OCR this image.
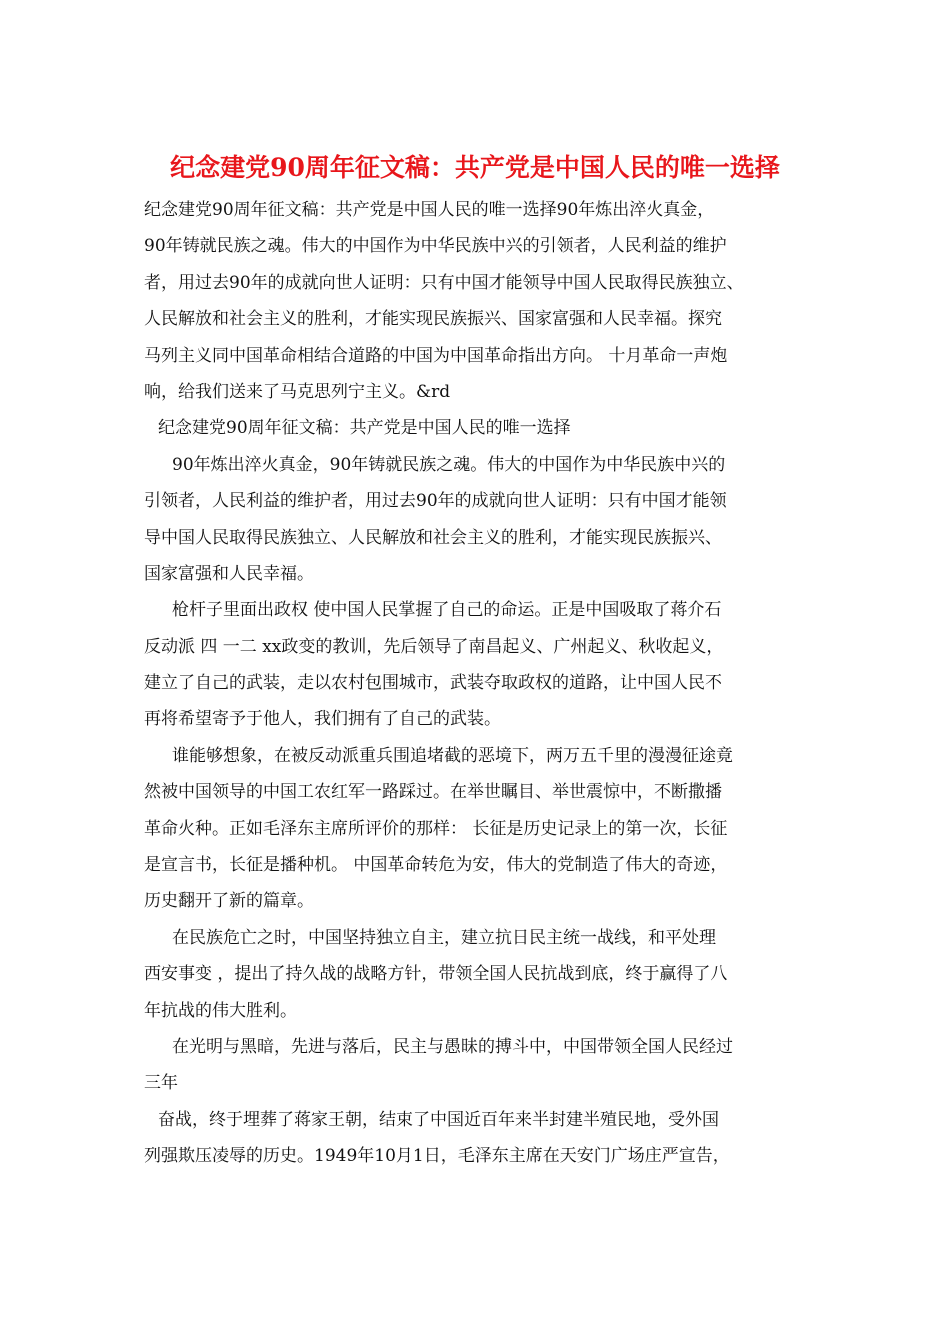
纪念建党90周年征文稿：共产党是中国人民的唯一选择
纪念建党90周年征文稿：共产党是中国人民的唯一选择90年炼出淬火真金，
90年铸就民族之魂。伟大的中国作为中华民族中兴的引领者，人民利益的维护
者，用过去90年的成就向世人证明：只有中国才能领导中国人民取得民族独立、
人民解放和社会主义的胜利，才能实现民族振兴、国家富强和人民幸福。探究
马列主义同中国革命相结合道路的中国为中国革命指出方向。 十月革命一声炮
响，给我们送来了马克思列宁主义。&rd
纪念建党90周年征文稿：共产党是中国人民的唯一选择
90年炼出淬火真金，90年铸就民族之魂。伟大的中国作为中华民族中兴的
引领者，人民利益的维护者，用过去90年的成就向世人证明：只有中国才能领
导中国人民取得民族独立、人民解放和社会主义的胜利，才能实现民族振兴、
国家富强和人民幸福。
枪杆子里面出政权 使中国人民掌握了自己的命运。正是中国吸取了蒋介石
反动派 四 一二 xx政变的教训，先后领导了南昌起义、广州起义、秋收起义，
建立了自己的武装，走以农村包围城市，武装夺取政权的道路，让中国人民不
再将希望寄予于他人，我们拥有了自己的武装。
谁能够想象，在被反动派重兵围追堵截的恶境下，两万五千里的漫漫征途竟
然被中国领导的中国工农红军一路踩过。在举世瞩目、举世震惊中，不断撒播
革命火种。正如毛泽东主席所评价的那样： 长征是历史记录上的第一次，长征
是宣言书，长征是播种机。 中国革命转危为安，伟大的党制造了伟大的奇迹，
历史翻开了新的篇章。
在民族危亡之时，中国坚持独立自主，建立抗日民主统一战线，和平处理
西安事变 ，提出了持久战的战略方针，带领全国人民抗战到底，终于赢得了八
年抗战的伟大胜利。
在光明与黑暗，先进与落后，民主与愚昧的搏斗中，中国带领全国人民经过
三年
奋战，终于埋葬了蒋家王朝，结束了中国近百年来半封建半殖民地，受外国
列强欺压凌辱的历史。1949年10月1日，毛泽东主席在天安门广场庄严宣告，
